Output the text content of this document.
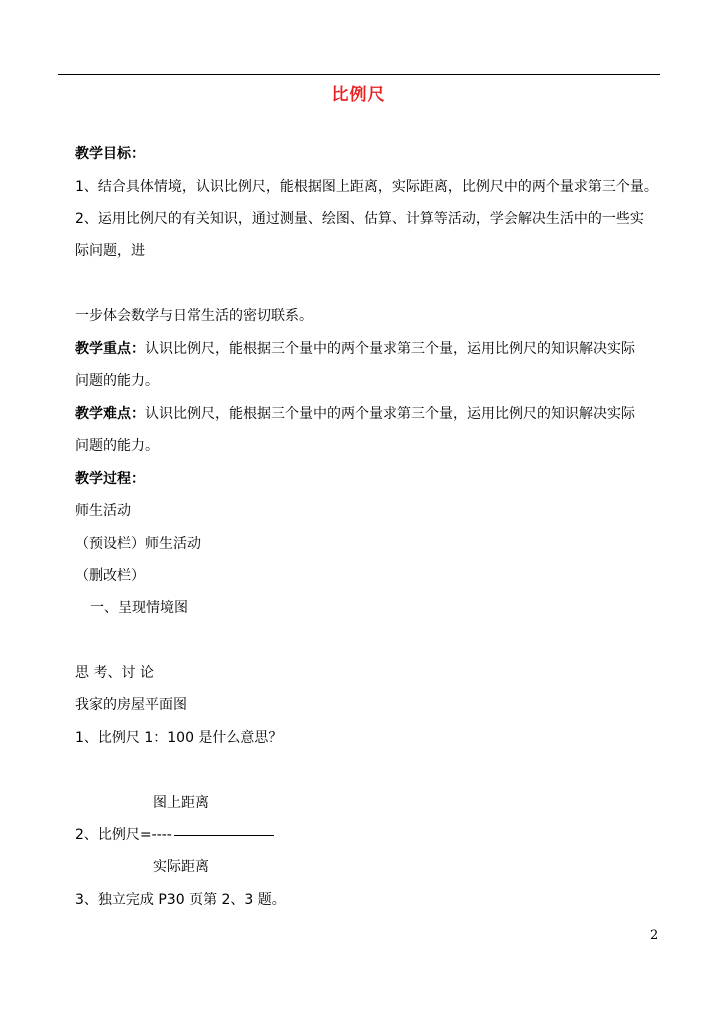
比例尺
教学目标：
1、结合具体情境，认识比例尺，能根据图上距离，实际距离，比例尺中的两个量求第三个量。
2、运用比例尺的有关知识，通过测量、绘图、估算、计算等活动，学会解决生活中的一些实
际问题，进
一步体会数学与日常生活的密切联系。
教学重点：认识比例尺，能根据三个量中的两个量求第三个量，运用比例尺的知识解决实际
问题的能力。
教学难点：认识比例尺，能根据三个量中的两个量求第三个量，运用比例尺的知识解决实际
问题的能力。
教学过程：
师生活动
（预设栏）师生活动
（删改栏）
一、呈现情境图
思 考、讨 论
我家的房屋平面图
1、比例尺 1：100 是什么意思？
图上距离
2、比例尺=----
实际距离
3、独立完成 P30 页第 2、3 题。
2
